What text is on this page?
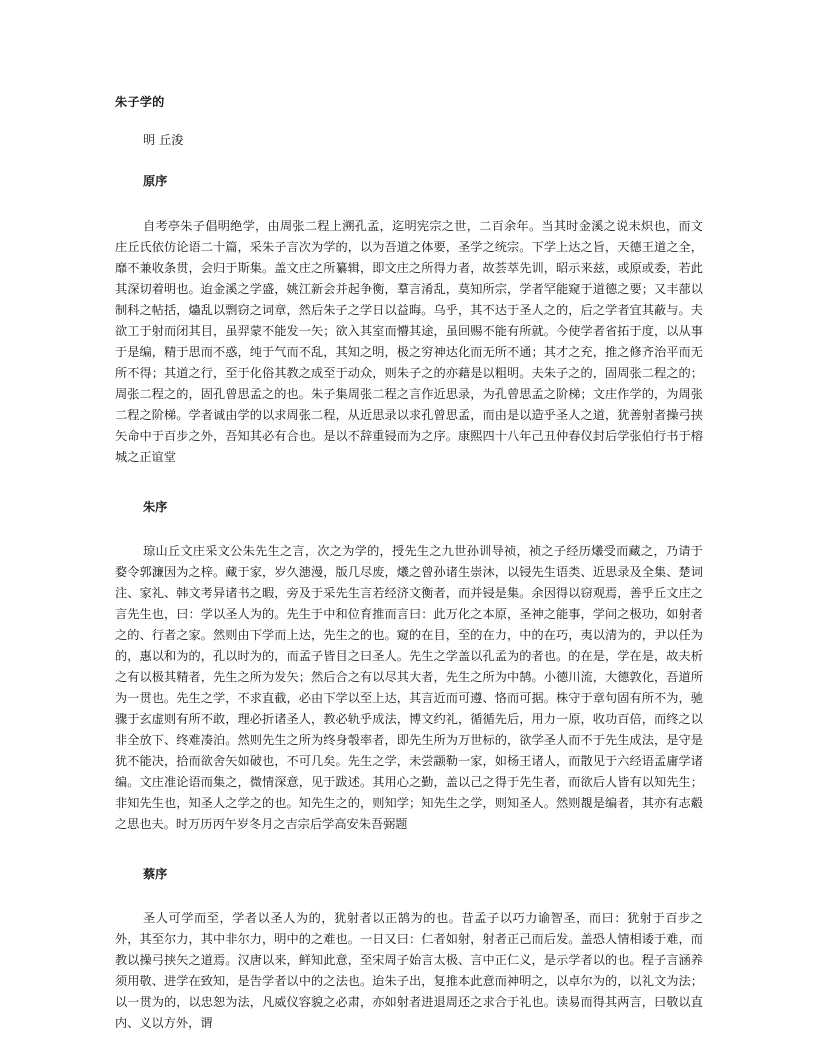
朱子学的
明 丘浚
原序

自考亭朱子倡明绝学，由周张二程上溯孔孟，迄明宪宗之世，二百余年。当其时金溪之说未炽也，而文庄丘氏依仿论语二十篇，采朱子言次为学的，以为吾道之体要，圣学之统宗。下学上达之旨，天德王道之全，靡不兼收条贯，会归于斯集。盖文庄之所纂辑，即文庄之所得力者，故荟萃先训，昭示来兹，或原或委，若此其深切着明也。迨金溪之学盛，姚江新会并起争衡，羣言淆乱，莫知所宗，学者罕能窥于道德之要；又丰蔀以制科之帖括，爞乱以剽窃之词章，然后朱子之学日以益晦。乌乎，其不达于圣人之的，后之学者宜其蔽与。夫欲工于射而闭其目，虽羿蒙不能发一矢；欲入其室而懵其途，虽回赐不能有所就。今使学者省拓于度，以从事于是编，精于思而不惑，纯于气而不乱，其知之明，极之穷神达化而无所不通；其才之充，推之修齐治平而无所不得；其道之行，至于化俗其教之成至于动众，则朱子之的亦藉是以粗明。夫朱子之的，固周张二程之的；周张二程之的，固孔曾思孟之的也。朱子集周张二程之言作近思录，为孔曾思孟之阶梯；文庄作学的，为周张二程之阶梯。学者诚由学的以求周张二程，从近思录以求孔曾思孟，而由是以造乎圣人之道，犹善射者操弓挟矢命中于百步之外，吾知其必有合也。是以不辞重锓而为之序。康熙四十八年己丑仲春仪封后学张伯行书于榕城之正谊堂

朱序

琼山丘文庄采文公朱先生之言，次之为学的，授先生之九世孙训导祯，祯之子经历爔受而藏之，乃请于婺令郭濂因为之梓。藏于家，岁久漶漫，版几尽废，爔之曾孙诸生崇沐，以锓先生语类、近思录及全集、楚词注、家礼、韩文考异诸书之暇，旁及于采先生言若经济文衡者，而并锓是集。余因得以窃观焉，善乎丘文庄之言先生也，曰：学以圣人为的。先生于中和位育推而言曰：此万化之本原，圣神之能事，学问之极功，如射者之的、行者之家。然则由下学而上达，先生之的也。窥的在目，至的在力，中的在巧，夷以清为的，尹以任为的，惠以和为的，孔以时为的，而孟子皆目之曰圣人。先生之学盖以孔孟为的者也。的在是，学在是，故夫析之有以极其精者，先生之所为发矢；然后合之有以尽其大者，先生之所为中鹄。小德川流，大德敦化，吾道所为一贯也。先生之学，不求直截，必由下学以至上达，其言近而可遵、恪而可据。株守于章句固有所不为，驰骤于玄虚则有所不敢，理必折诸圣人，教必轨乎成法，博文约礼，循循先后，用力一原，收功百倍，而终之以非全放下、终难凑泊。然则先生之所为终身彀率者，即先生所为万世标的，欲学圣人而不于先生成法，是守是犹不能决，拾而欲舍矢如破也，不可几矣。先生之学，未尝颛勒一家，如杨王诸人，而散见于六经语孟庸学诸编。文庄准论语而集之，微情深意，见于跋述。其用心之勤，盖以己之得于先生者，而欲后人皆有以知先生；非知先生也，知圣人之学之的也。知先生之的，则知学；知先生之学，则知圣人。然则覩是编者，其亦有志觳之思也夫。时万历丙午岁冬月之吉宗后学高安朱吾弼题

蔡序

圣人可学而至，学者以圣人为的，犹射者以正鹄为的也。昔孟子以巧力谕智圣，而曰：犹射于百步之外，其至尔力，其中非尔力，明中的之难也。一日又曰：仁者如射，射者正己而后发。盖恐人情相诿于难，而教以操弓挟矢之道焉。汉唐以来，鲜知此意，至宋周子始言太极、言中正仁义，是示学者以的也。程子言涵养须用敬、进学在致知，是告学者以中的之法也。迨朱子出，复推本此意而神明之，以卓尔为的，以礼文为法；以一贯为的，以忠恕为法，凡威仪容貌之必肃，亦如射者进退周还之求合于礼也。读易而得其两言，曰敬以直内、义以方外，谓
